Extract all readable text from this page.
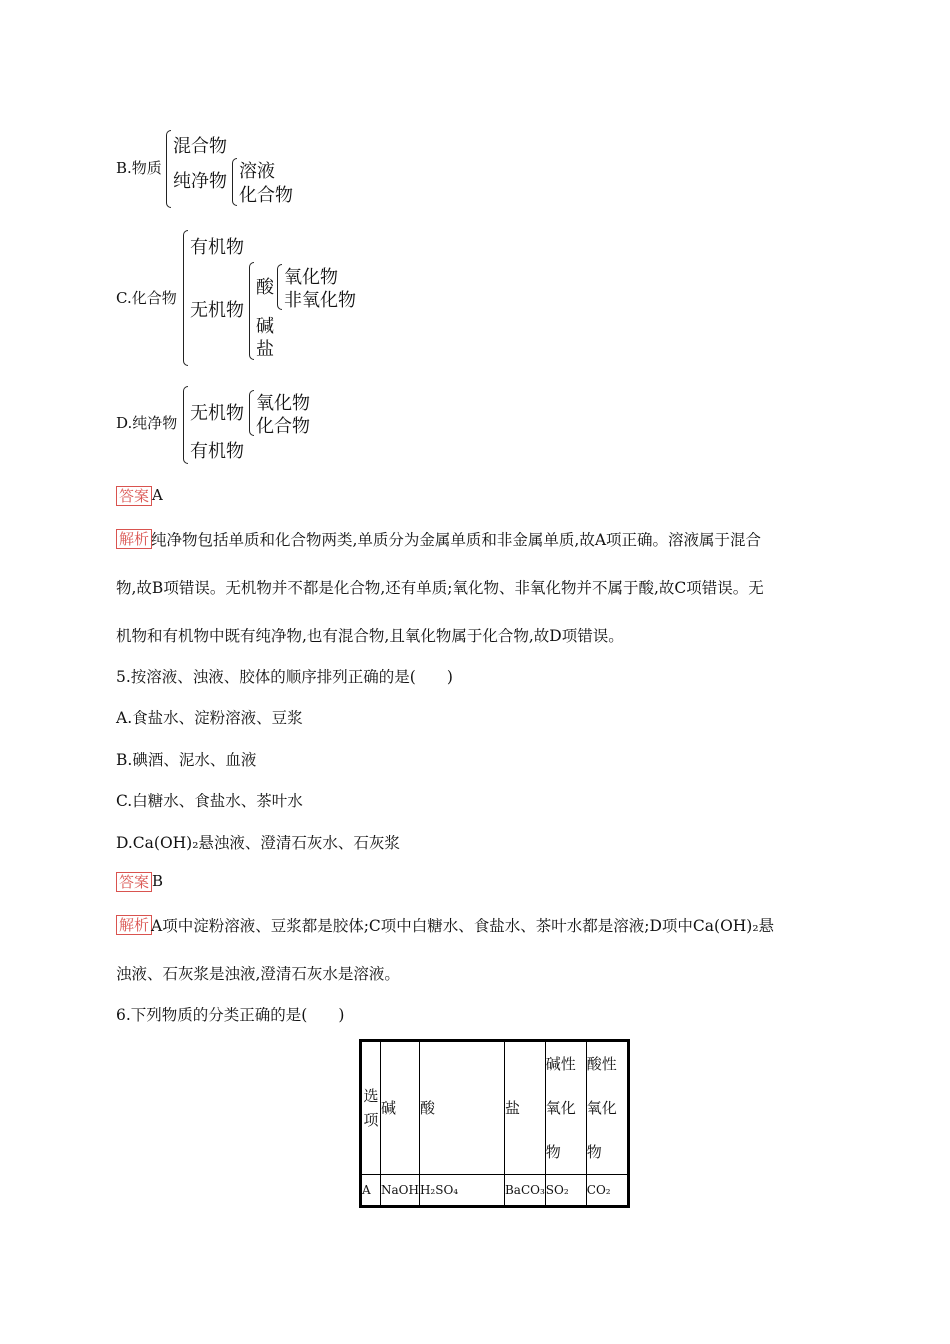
B.物质
混合物
纯净物 溶液
化合物
C.化合物
有机物
无机物
酸 氧化物
非氧化物
碱
盐
D.纯净物 无机物 氧化物
化合物
有机物
答案 A
解析 纯净物包括单质和化合物两类,单质分为金属单质和非金属单质,故A项正确。溶液属于混合
物,故B项错误。无机物并不都是化合物,还有单质;氧化物、非氧化物并不属于酸,故C项错误。无
机物和有机物中既有纯净物,也有混合物,且氧化物属于化合物,故D项错误。
5.按溶液、浊液、胶体的顺序排列正确的是(　　)
A.食盐水、淀粉溶液、豆浆
B.碘酒、泥水、血液
C.白糖水、食盐水、茶叶水
D.Ca(OH)₂悬浊液、澄清石灰水、石灰浆
答案 B
解析 A项中淀粉溶液、豆浆都是胶体;C项中白糖水、食盐水、茶叶水都是溶液;D项中Ca(OH)₂悬
浊液、石灰浆是浊液,澄清石灰水是溶液。
6.下列物质的分类正确的是(　　)
选项	碱	酸	盐	碱性氧化物	酸性氧化物
A	NaOH	H₂SO₄	BaCO₃	SO₂	CO₂
